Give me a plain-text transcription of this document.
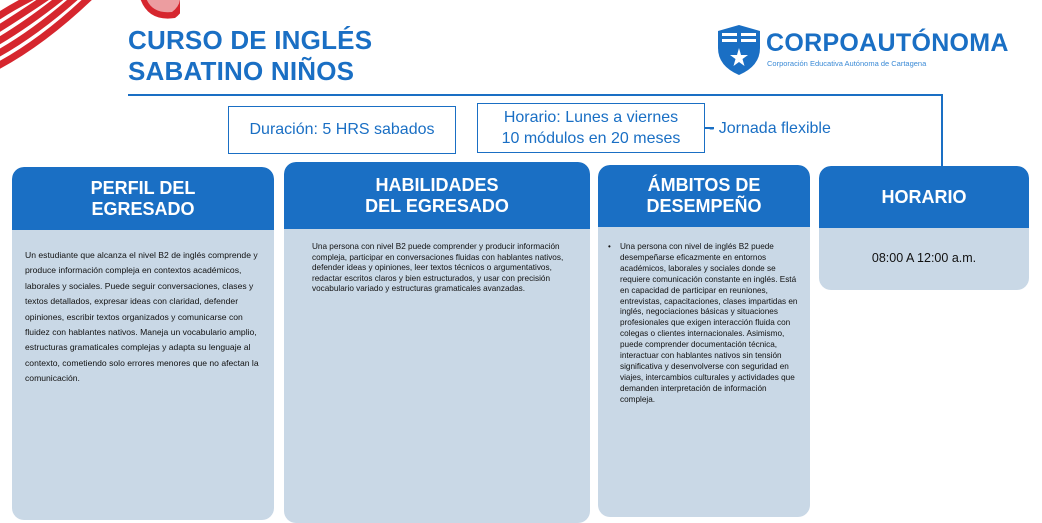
CURSO DE INGLÉS
SABATINO NIÑOS
CORPOAUTÓNOMA
Corporación Educativa Autónoma de Cartagena
Duración: 5 HRS sabados
Horario: Lunes a viernes
10 módulos en 20 meses
- Jornada flexible
PERFIL DEL
EGRESADO
Un estudiante que alcanza el nivel B2 de inglés comprende y produce información compleja en contextos académicos, laborales y sociales. Puede seguir conversaciones, clases y textos detallados, expresar ideas con claridad, defender opiniones, escribir textos organizados y comunicarse con fluidez con hablantes nativos. Maneja un vocabulario amplio, estructuras gramaticales complejas y adapta su lenguaje al contexto, cometiendo solo errores menores que no afectan la comunicación.
HABILIDADES
DEL EGRESADO
Una persona con nivel B2 puede comprender y producir información compleja, participar en conversaciones fluidas con hablantes nativos, defender ideas y opiniones, leer textos técnicos o argumentativos, redactar escritos claros y bien estructurados, y usar con precisión vocabulario variado y estructuras gramaticales avanzadas.
ÁMBITOS DE
DESEMPEÑO
• Una persona con nivel de inglés B2 puede desempeñarse eficazmente en entornos académicos, laborales y sociales donde se requiere comunicación constante en inglés. Está en capacidad de participar en reuniones, entrevistas, capacitaciones, clases impartidas en inglés, negociaciones básicas y situaciones profesionales que exigen interacción fluida con colegas o clientes internacionales. Asimismo, puede comprender documentación técnica, interactuar con hablantes nativos sin tensión significativa y desenvolverse con seguridad en viajes, intercambios culturales y actividades que demanden interpretación de información compleja.
HORARIO
08:00 A 12:00 a.m.
